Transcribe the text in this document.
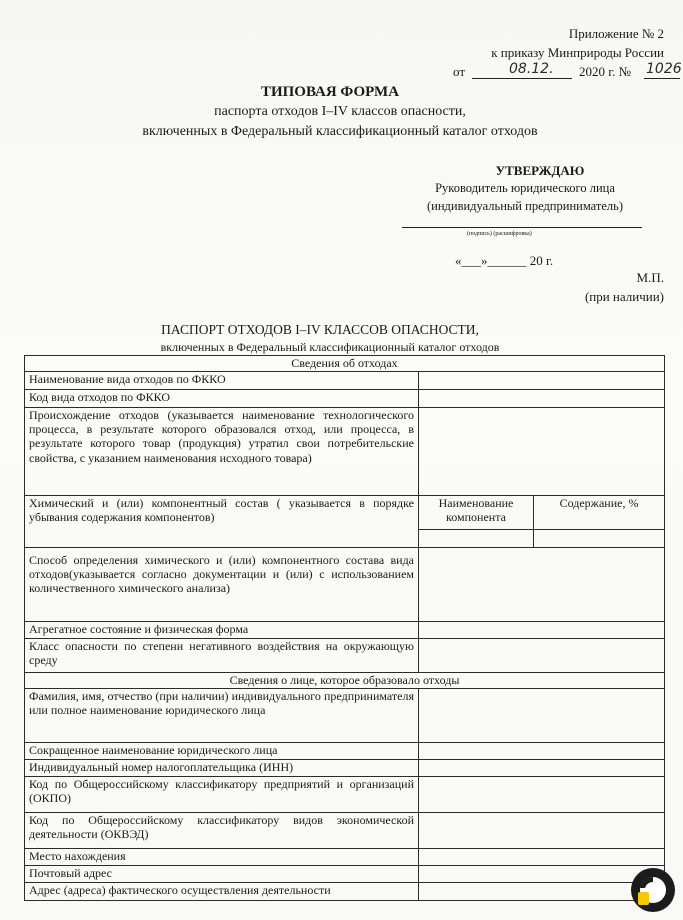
Приложение № 2
к приказу Минприроды России
от	08.12. 2020 г. № 1026
ТИПОВАЯ ФОРМА
паспорта отходов I–IV классов опасности,
включенных в Федеральный классификационный каталог отходов
УТВЕРЖДАЮ
Руководитель юридического лица
(индивидуальный предприниматель)
(подпись) (расшифровка)
«___»______ 20 г.
М.П.
(при наличии)
ПАСПОРТ ОТХОДОВ I–IV КЛАССОВ ОПАСНОСТИ,
включенных в Федеральный классификационный каталог отходов
Сведения об отходах		
Наименование вида отходов по ФККО		
Код вида отходов по ФККО		
Происхождение отходов (указывается наименование технологического процесса, в результате которого образовался отход, или процесса, в результате которого товар (продукция) утратил свои потребительские свойства, с указанием наименования исходного товара)		
Химический и (или) компонентный состав ( указывается в порядке убывания содержания компонентов)	Наименование компонента	Содержание, %

Способ определения химического и (или) компонентного состава вида отходов(указывается согласно документации и (или) с использованием количественного химического анализа)		
Агрегатное состояние и физическая форма		
Класс опасности по степени негативного воздействия на окружающую среду		
Сведения о лице, которое образовало отходы		
Фамилия, имя, отчество (при наличии) индивидуального предпринимателя или полное наименование юридического лица		
Сокращенное наименование юридического лица		
Индивидуальный номер налогоплательщика (ИНН)		
Код по Общероссийскому классификатору предприятий и организаций (ОКПО)		
Код по Общероссийскому классификатору видов экономической деятельности (ОКВЭД)		
Место нахождения		
Почтовый адрес		
Адрес (адреса) фактического осуществления деятельности		
